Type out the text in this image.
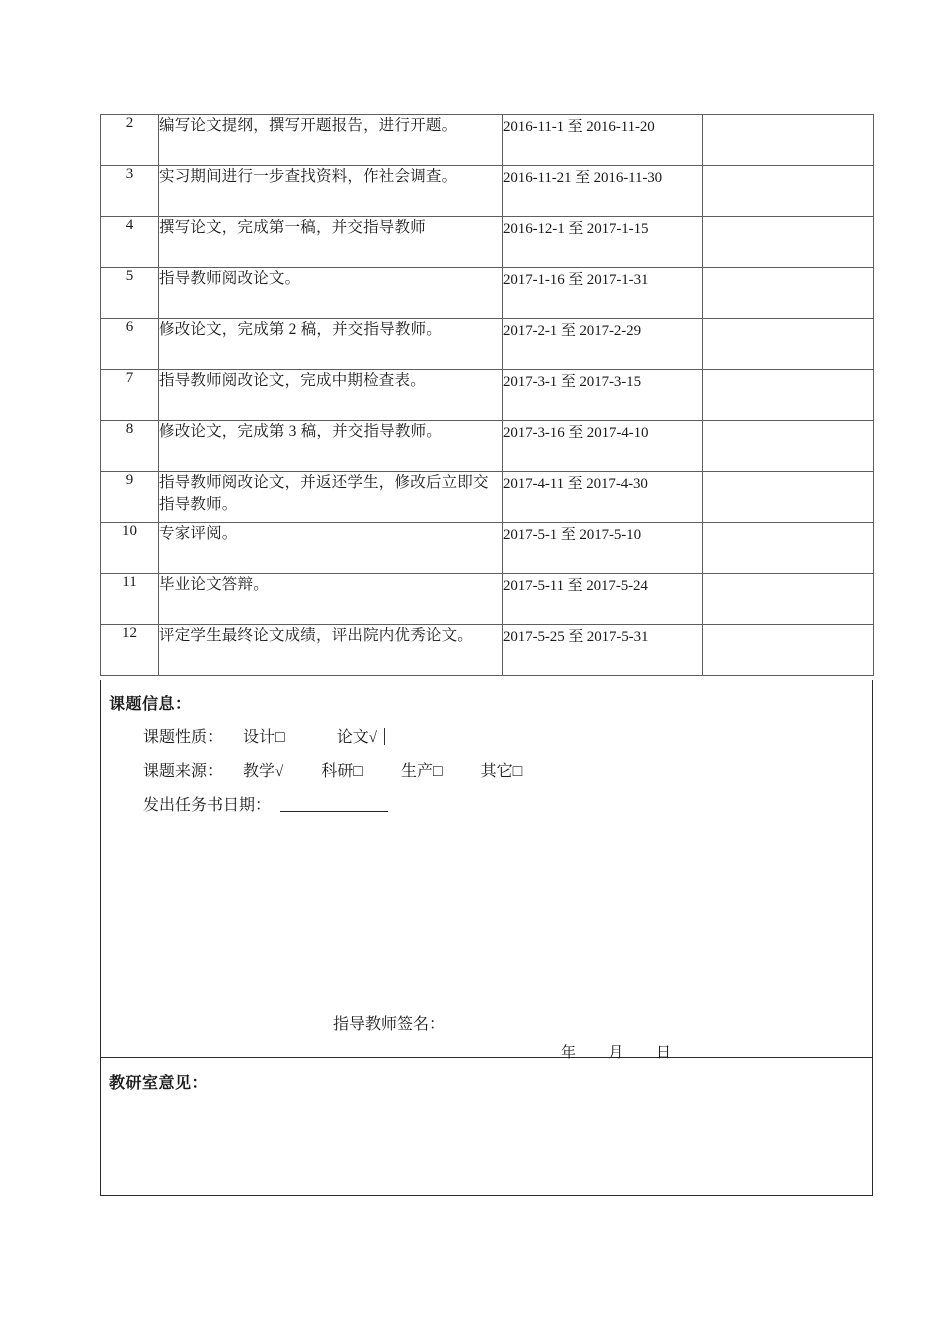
2	编写论文提纲，撰写开题报告，进行开题。	2016-11-1 至 2016-11-20	
3	实习期间进行一步查找资料，作社会调查。	2016-11-21 至 2016-11-30	
4	撰写论文，完成第一稿，并交指导教师	2016-12-1 至 2017-1-15	
5	指导教师阅改论文。	2017-1-16 至 2017-1-31	
6	修改论文，完成第 2 稿，并交指导教师。	2017-2-1 至 2017-2-29	
7	指导教师阅改论文，完成中期检查表。	2017-3-1 至 2017-3-15	
8	修改论文，完成第 3 稿，并交指导教师。	2017-3-16 至 2017-4-10	
9	指导教师阅改论文，并返还学生，修改后立即交指导教师。	2017-4-11 至 2017-4-30	
10	专家评阅。	2017-5-1 至 2017-5-10	
11	毕业论文答辩。	2017-5-11 至 2017-5-24	
12	评定学生最终论文成绩，评出院内优秀论文。	2017-5-25 至 2017-5-31	
课题信息：
课题性质： 设计□	论文√
课题来源： 教学√ 科研□ 生产□ 其它□
发出任务书日期：
指导教师签名：
年 月 日
教研室意见：
